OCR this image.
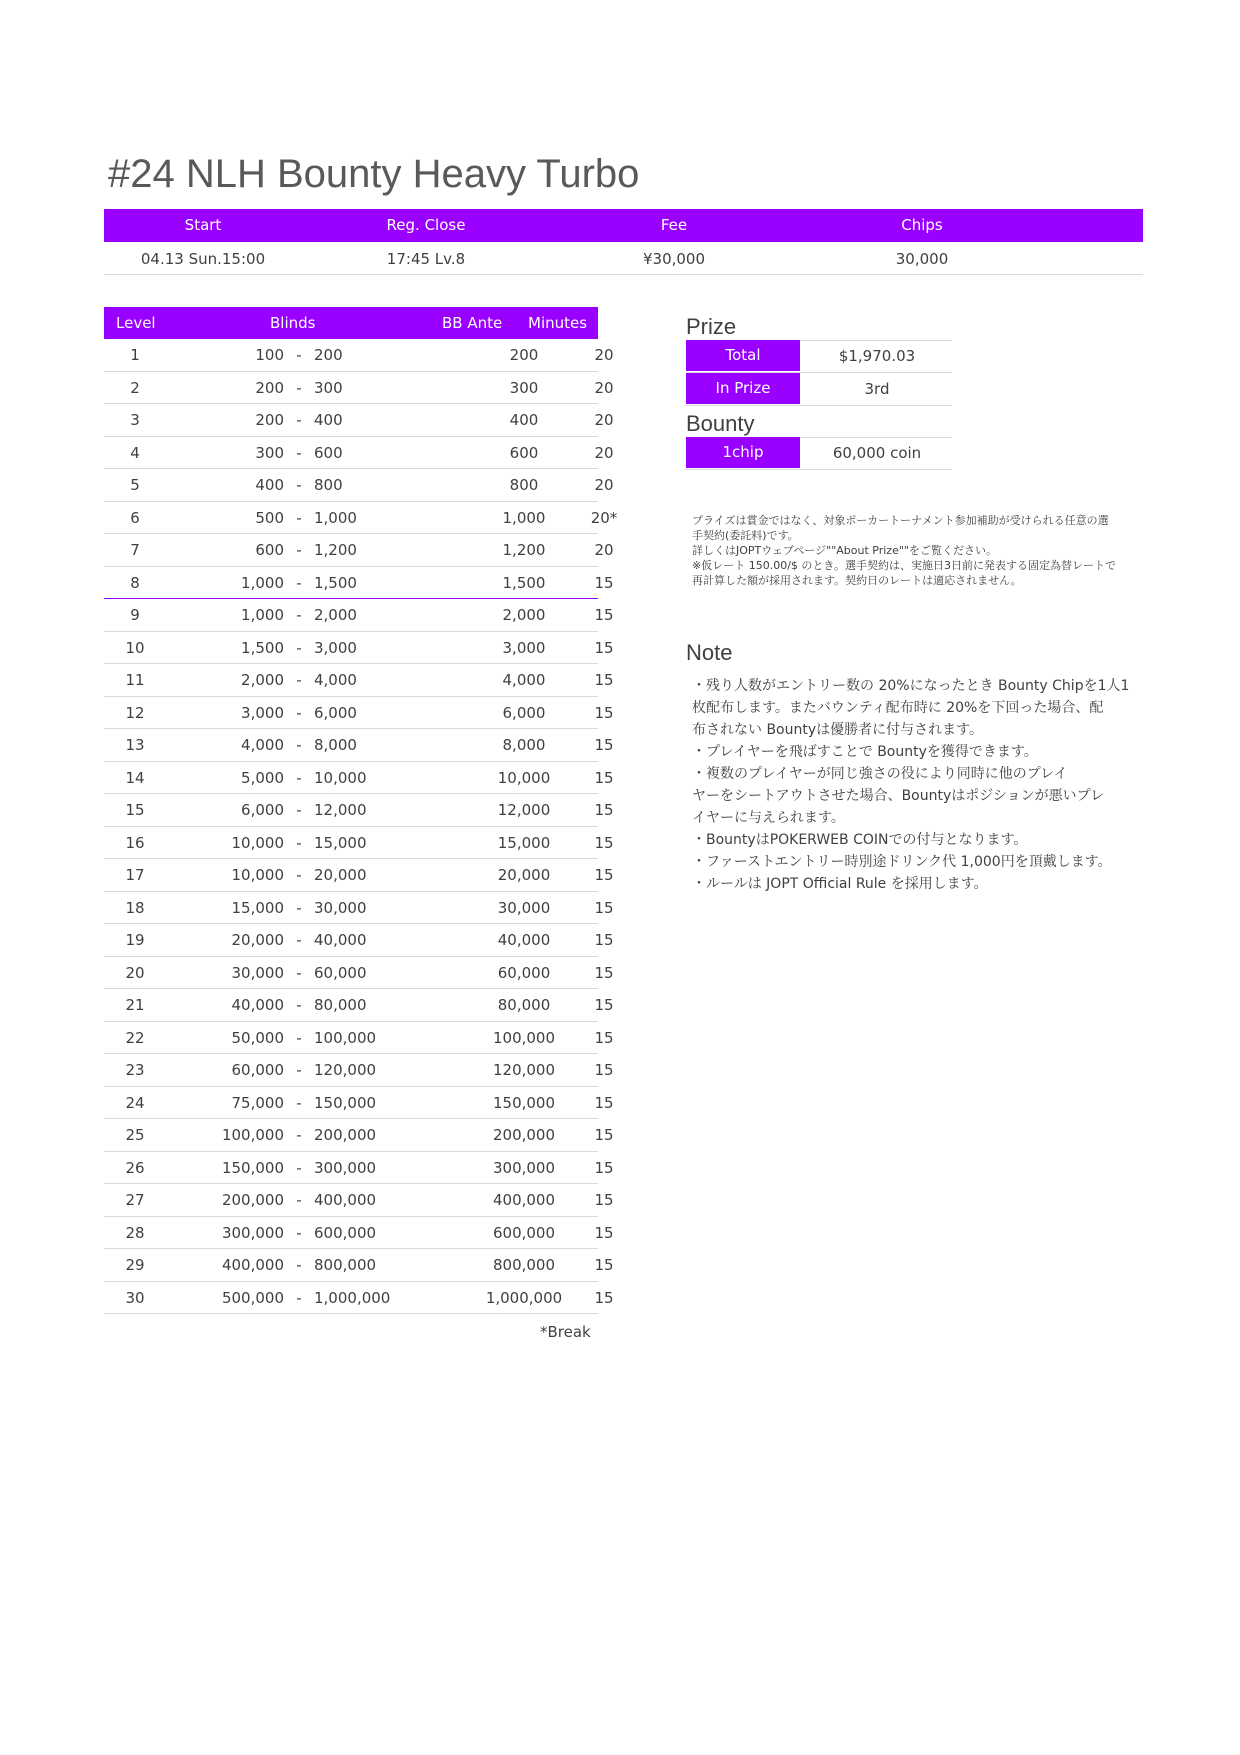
#24 NLH Bounty Heavy Turbo
Start	Reg. Close	Fee	Chips
04.13 Sun.15:00	17:45 Lv.8	¥30,000	30,000
Level	Blinds	BB Ante Minutes
1	100 - 200	200	20
2	200 - 300	300	20
3	200 - 400	400	20
4	300 - 600	600	20
5	400 - 800	800	20
6	500 - 1,000	1,000	20*
7	600 - 1,200	1,200	20
8	1,000 - 1,500	1,500	15
9	1,000 - 2,000	2,000	15
10	1,500 - 3,000	3,000	15
11	2,000 - 4,000	4,000	15
12	3,000 - 6,000	6,000	15
13	4,000 - 8,000	8,000	15
14	5,000 - 10,000	10,000	15
15	6,000 - 12,000	12,000	15
16	10,000 - 15,000	15,000	15
17	10,000 - 20,000	20,000	15
18	15,000 - 30,000	30,000	15
19	20,000 - 40,000	40,000	15
20	30,000 - 60,000	60,000	15
21	40,000 - 80,000	80,000	15
22	50,000 - 100,000	100,000	15
23	60,000 - 120,000	120,000	15
24	75,000 - 150,000	150,000	15
25	100,000 - 200,000	200,000	15
26	150,000 - 300,000	300,000	15
27	200,000 - 400,000	400,000	15
28	300,000 - 600,000	600,000	15
29	400,000 - 800,000	800,000	15
30	500,000 - 1,000,000	1,000,000	15
*Break
Prize
Total	$1,970.03
In Prize	3rd
Bounty
1chip	60,000 coin
プライズは賞金ではなく、対象ポーカートーナメント参加補助が受けられる任意の選
手契約(委託料)です。
詳しくはJOPTウェブページ""About Prize""をご覧ください。
※仮レート 150.00/$ のとき。選手契約は、実施日3日前に発表する固定為替レートで
再計算した額が採用されます。契約日のレートは適応されません。
Note

・残り人数がエントリー数の 20%になったとき Bounty Chipを1人1

枚配布します。またバウンティ配布時に 20%を下回った場合、配

布されない Bountyは優勝者に付与されます。

・プレイヤーを飛ばすことで Bountyを獲得できます。

・複数のプレイヤーが同じ強さの役により同時に他のプレイ

ヤーをシートアウトさせた場合、Bountyはポジションが悪いプレ

イヤーに与えられます。

・BountyはPOKERWEB COINでの付与となります。

・ファーストエントリー時別途ドリンク代 1,000円を頂戴します。

・ルールは JOPT Official Rule を採用します。
